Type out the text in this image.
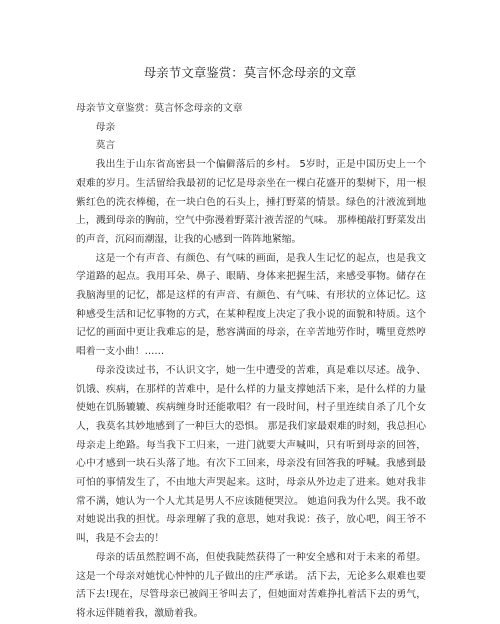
母亲节文章鉴赏：莫言怀念母亲的文章

母亲节文章鉴赏：莫言怀念母亲的文章

母亲

莫言

我出生于山东省高密县一个偏僻落后的乡村。 5岁时，正是中国历史上一个艰难的岁月。生活留给我最初的记忆是母亲坐在一棵白花盛开的梨树下，用一根紫红色的洗衣棒槌，在一块白色的石头上，捶打野菜的情景。绿色的汁液流到地上，溅到母亲的胸前，空气中弥漫着野菜汁液苦涩的气味。 那棒槌敲打野菜发出的声音，沉闷而潮湿，让我的心感到一阵阵地紧缩。

这是一个有声音、有颜色、有气味的画面，是我人生记忆的起点，也是我文学道路的起点。我用耳朵、鼻子、眼睛、身体来把握生活，来感受事物。储存在我脑海里的记忆，都是这样的有声音、有颜色、有气味、有形状的立体记忆。这种感受生活和记忆事物的方式，在某种程度上决定了我小说的面貌和特质。这个记忆的画面中更让我难忘的是，愁容满面的母亲，在辛苦地劳作时，嘴里竟然哼唱着一支小曲！……

母亲没读过书，不认识文字，她一生中遭受的苦难，真是难以尽述。战争、饥饿、疾病，在那样的苦难中，是什么样的力量支撑她活下来，是什么样的力量使她在饥肠辘辘、疾病缠身时还能歌唱？有一段时间，村子里连续自杀了几个女人，我莫名其妙地感到了一种巨大的恐惧。 那是我们家最艰难的时刻，我总担心母亲走上绝路。每当我下工归来，一进门就要大声喊叫，只有听到母亲的回答，心中才感到一块石头落了地。有次下工回来，母亲没有回答我的呼喊。我感到最可怕的事情发生了，不由地大声哭起来。这时，母亲从外边走了进来。她对我非常不满，她认为一个人尤其是男人不应该随便哭泣。 她追问我为什么哭。我不敢对她说出我的担忧。母亲理解了我的意思，她对我说：孩子，放心吧，阎王爷不叫，我是不会去的！

母亲的话虽然腔调不高，但使我陡然获得了一种安全感和对于未来的希望。这是一个母亲对她忧心忡忡的儿子做出的庄严承诺。 活下去，无论多么艰难也要活下去!现在，尽管母亲已被阎王爷叫去了，但她面对苦难挣扎着活下去的勇气，将永远伴随着我，激励着我。
